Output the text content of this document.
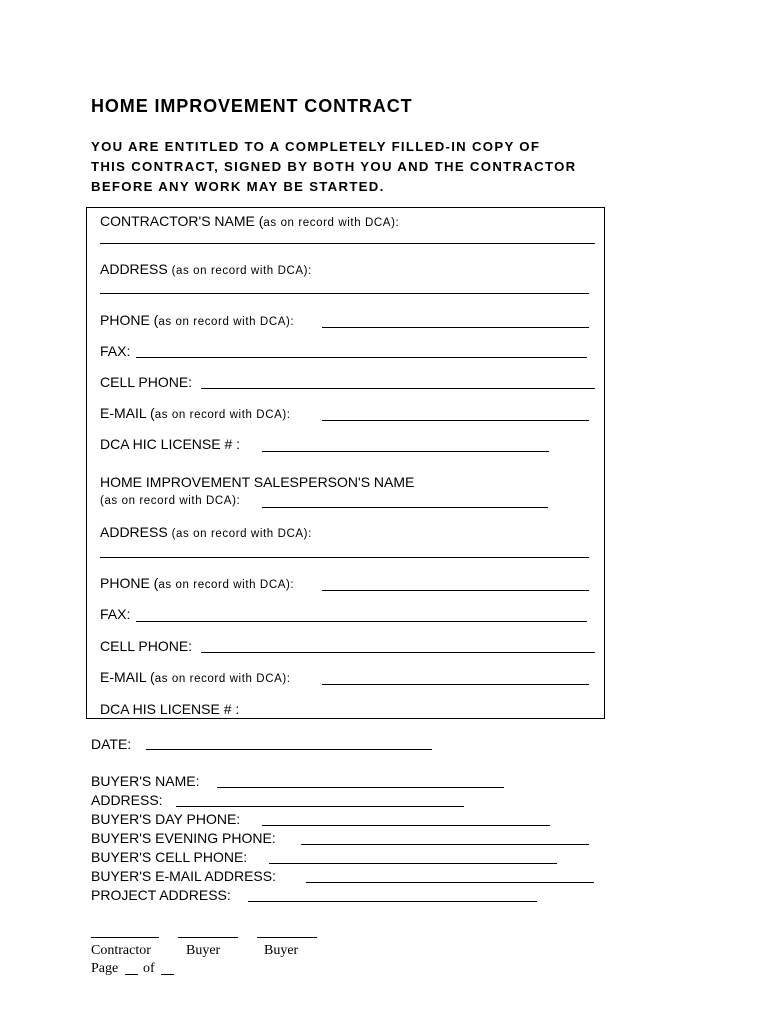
HOME IMPROVEMENT CONTRACT
YOU ARE ENTITLED TO A COMPLETELY FILLED-IN COPY OF
THIS CONTRACT, SIGNED BY BOTH YOU AND THE CONTRACTOR
BEFORE ANY WORK MAY BE STARTED.
CONTRACTOR'S NAME (as on record with DCA):
ADDRESS (as on record with DCA):
PHONE (as on record with DCA):
FAX:
CELL PHONE:
E-MAIL (as on record with DCA):
DCA HIC LICENSE # :
HOME IMPROVEMENT SALESPERSON'S NAME
(as on record with DCA):
ADDRESS (as on record with DCA):
PHONE (as on record with DCA):
FAX:
CELL PHONE:
E-MAIL (as on record with DCA):
DCA HIS LICENSE # :
DATE:
BUYER'S NAME:
ADDRESS:
BUYER'S DAY PHONE:
BUYER'S EVENING PHONE:
BUYER'S CELL PHONE:
BUYER'S E-MAIL ADDRESS:
PROJECT ADDRESS:
Contractor	Buyer	Buyer
Page of
